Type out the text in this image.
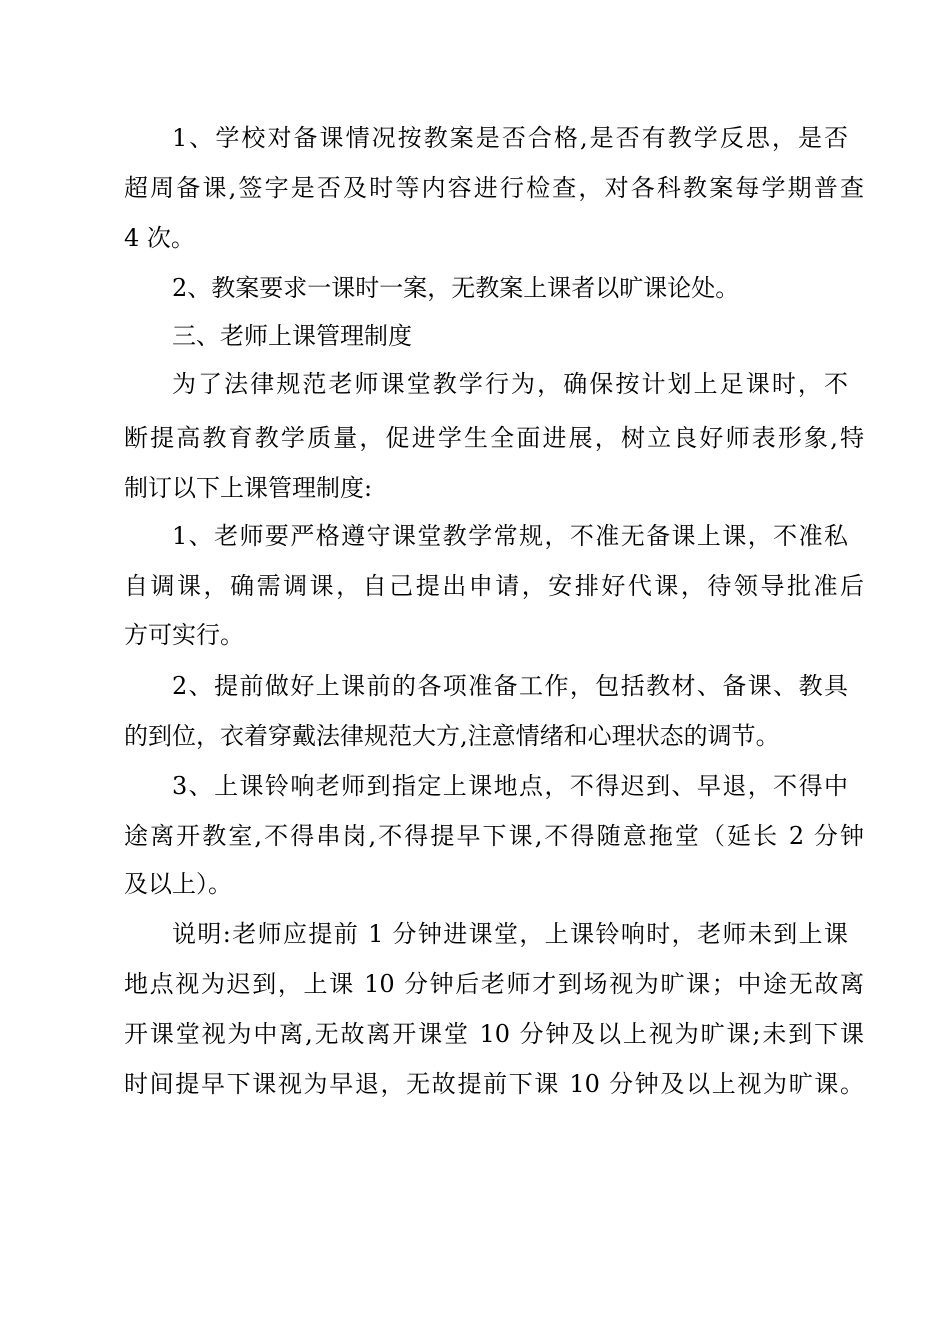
1、学校对备课情况按教案是否合格,是否有教学反思，是否
超周备课,签字是否及时等内容进行检查，对各科教案每学期普查
4 次。
2、教案要求一课时一案，无教案上课者以旷课论处。
三、老师上课管理制度
为了法律规范老师课堂教学行为，确保按计划上足课时，不
断提高教育教学质量，促进学生全面进展，树立良好师表形象,特
制订以下上课管理制度:
1、老师要严格遵守课堂教学常规，不准无备课上课，不准私
自调课，确需调课，自己提出申请，安排好代课，待领导批准后
方可实行。
2、提前做好上课前的各项准备工作，包括教材、备课、教具
的到位，衣着穿戴法律规范大方,注意情绪和心理状态的调节。
3、上课铃响老师到指定上课地点，不得迟到、早退，不得中
途离开教室,不得串岗,不得提早下课,不得随意拖堂（延长 2 分钟
及以上）。
说明:老师应提前 1 分钟进课堂，上课铃响时，老师未到上课
地点视为迟到，上课 10 分钟后老师才到场视为旷课；中途无故离
开课堂视为中离,无故离开课堂 10 分钟及以上视为旷课;未到下课
时间提早下课视为早退，无故提前下课 10 分钟及以上视为旷课。
